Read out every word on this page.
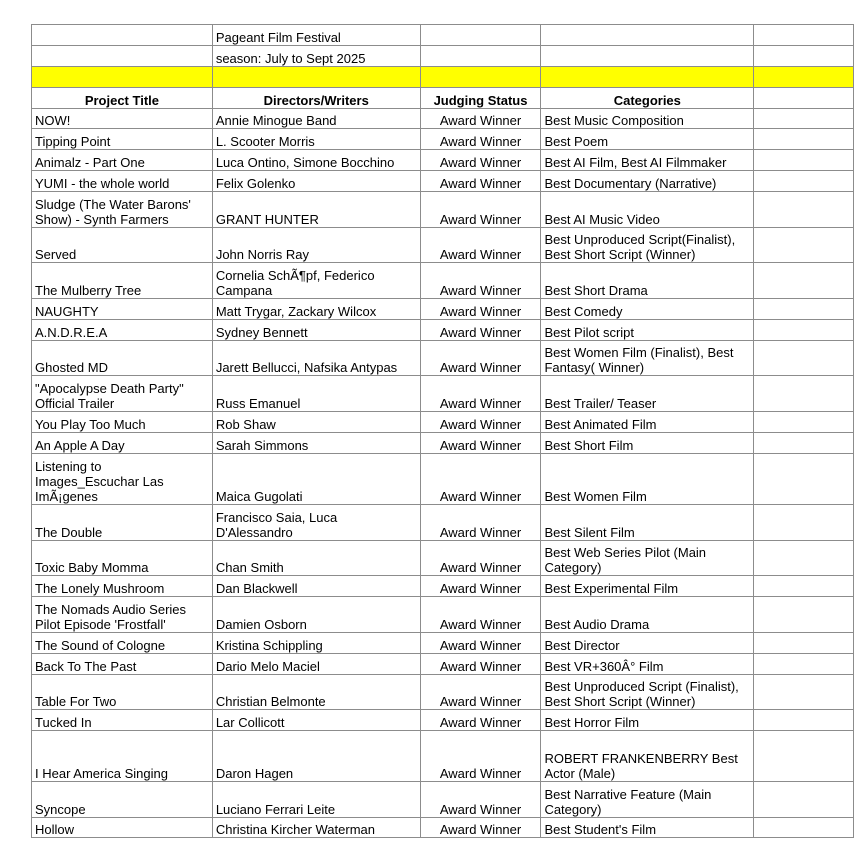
	Pageant Film Festival			
	season: July to Sept 2025			

Project Title	Directors/Writers	Judging Status	Categories	
NOW!	Annie Minogue Band	Award Winner	Best Music Composition	
Tipping Point	L. Scooter Morris	Award Winner	Best Poem	
Animalz - Part One	Luca Ontino, Simone Bocchino	Award Winner	Best AI Film, Best AI Filmmaker	
YUMI - the whole world	Felix Golenko	Award Winner	Best Documentary (Narrative)	
Sludge (The Water Barons' Show) - Synth Farmers	GRANT HUNTER	Award Winner	Best AI Music Video	
Served	John Norris Ray	Award Winner	Best Unproduced Script(Finalist), Best Short Script (Winner)	
The Mulberry Tree	Cornelia SchÃ¶pf, Federico Campana	Award Winner	Best Short Drama	
NAUGHTY	Matt Trygar, Zackary Wilcox	Award Winner	Best Comedy	
A.N.D.R.E.A	Sydney Bennett	Award Winner	Best Pilot script	
Ghosted MD	Jarett Bellucci, Nafsika Antypas	Award Winner	Best Women Film (Finalist), Best Fantasy( Winner)	
"Apocalypse Death Party" Official Trailer	Russ Emanuel	Award Winner	Best Trailer/ Teaser	
You Play Too Much	Rob Shaw	Award Winner	Best Animated Film	
An Apple A Day	Sarah Simmons	Award Winner	Best Short Film	
Listening to Images_Escuchar Las ImÃ¡genes	Maica Gugolati	Award Winner	Best Women Film	
The Double	Francisco Saia, Luca D'Alessandro	Award Winner	Best Silent Film	
Toxic Baby Momma	Chan Smith	Award Winner	Best Web Series Pilot (Main Category)	
The Lonely Mushroom	Dan Blackwell	Award Winner	Best Experimental Film	
The Nomads Audio Series Pilot Episode 'Frostfall'	Damien Osborn	Award Winner	Best Audio Drama	
The Sound of Cologne	Kristina Schippling	Award Winner	Best Director	
Back To The Past	Dario Melo Maciel	Award Winner	Best VR+360Â° Film	
Table For Two	Christian Belmonte	Award Winner	Best Unproduced Script (Finalist), Best Short Script (Winner)	
Tucked In	Lar Collicott	Award Winner	Best Horror Film	
I Hear America Singing	Daron Hagen	Award Winner	ROBERT FRANKENBERRY Best Actor (Male)	
Syncope	Luciano Ferrari Leite	Award Winner	Best Narrative Feature (Main Category)	
Hollow	Christina Kircher Waterman	Award Winner	Best Student's Film	
